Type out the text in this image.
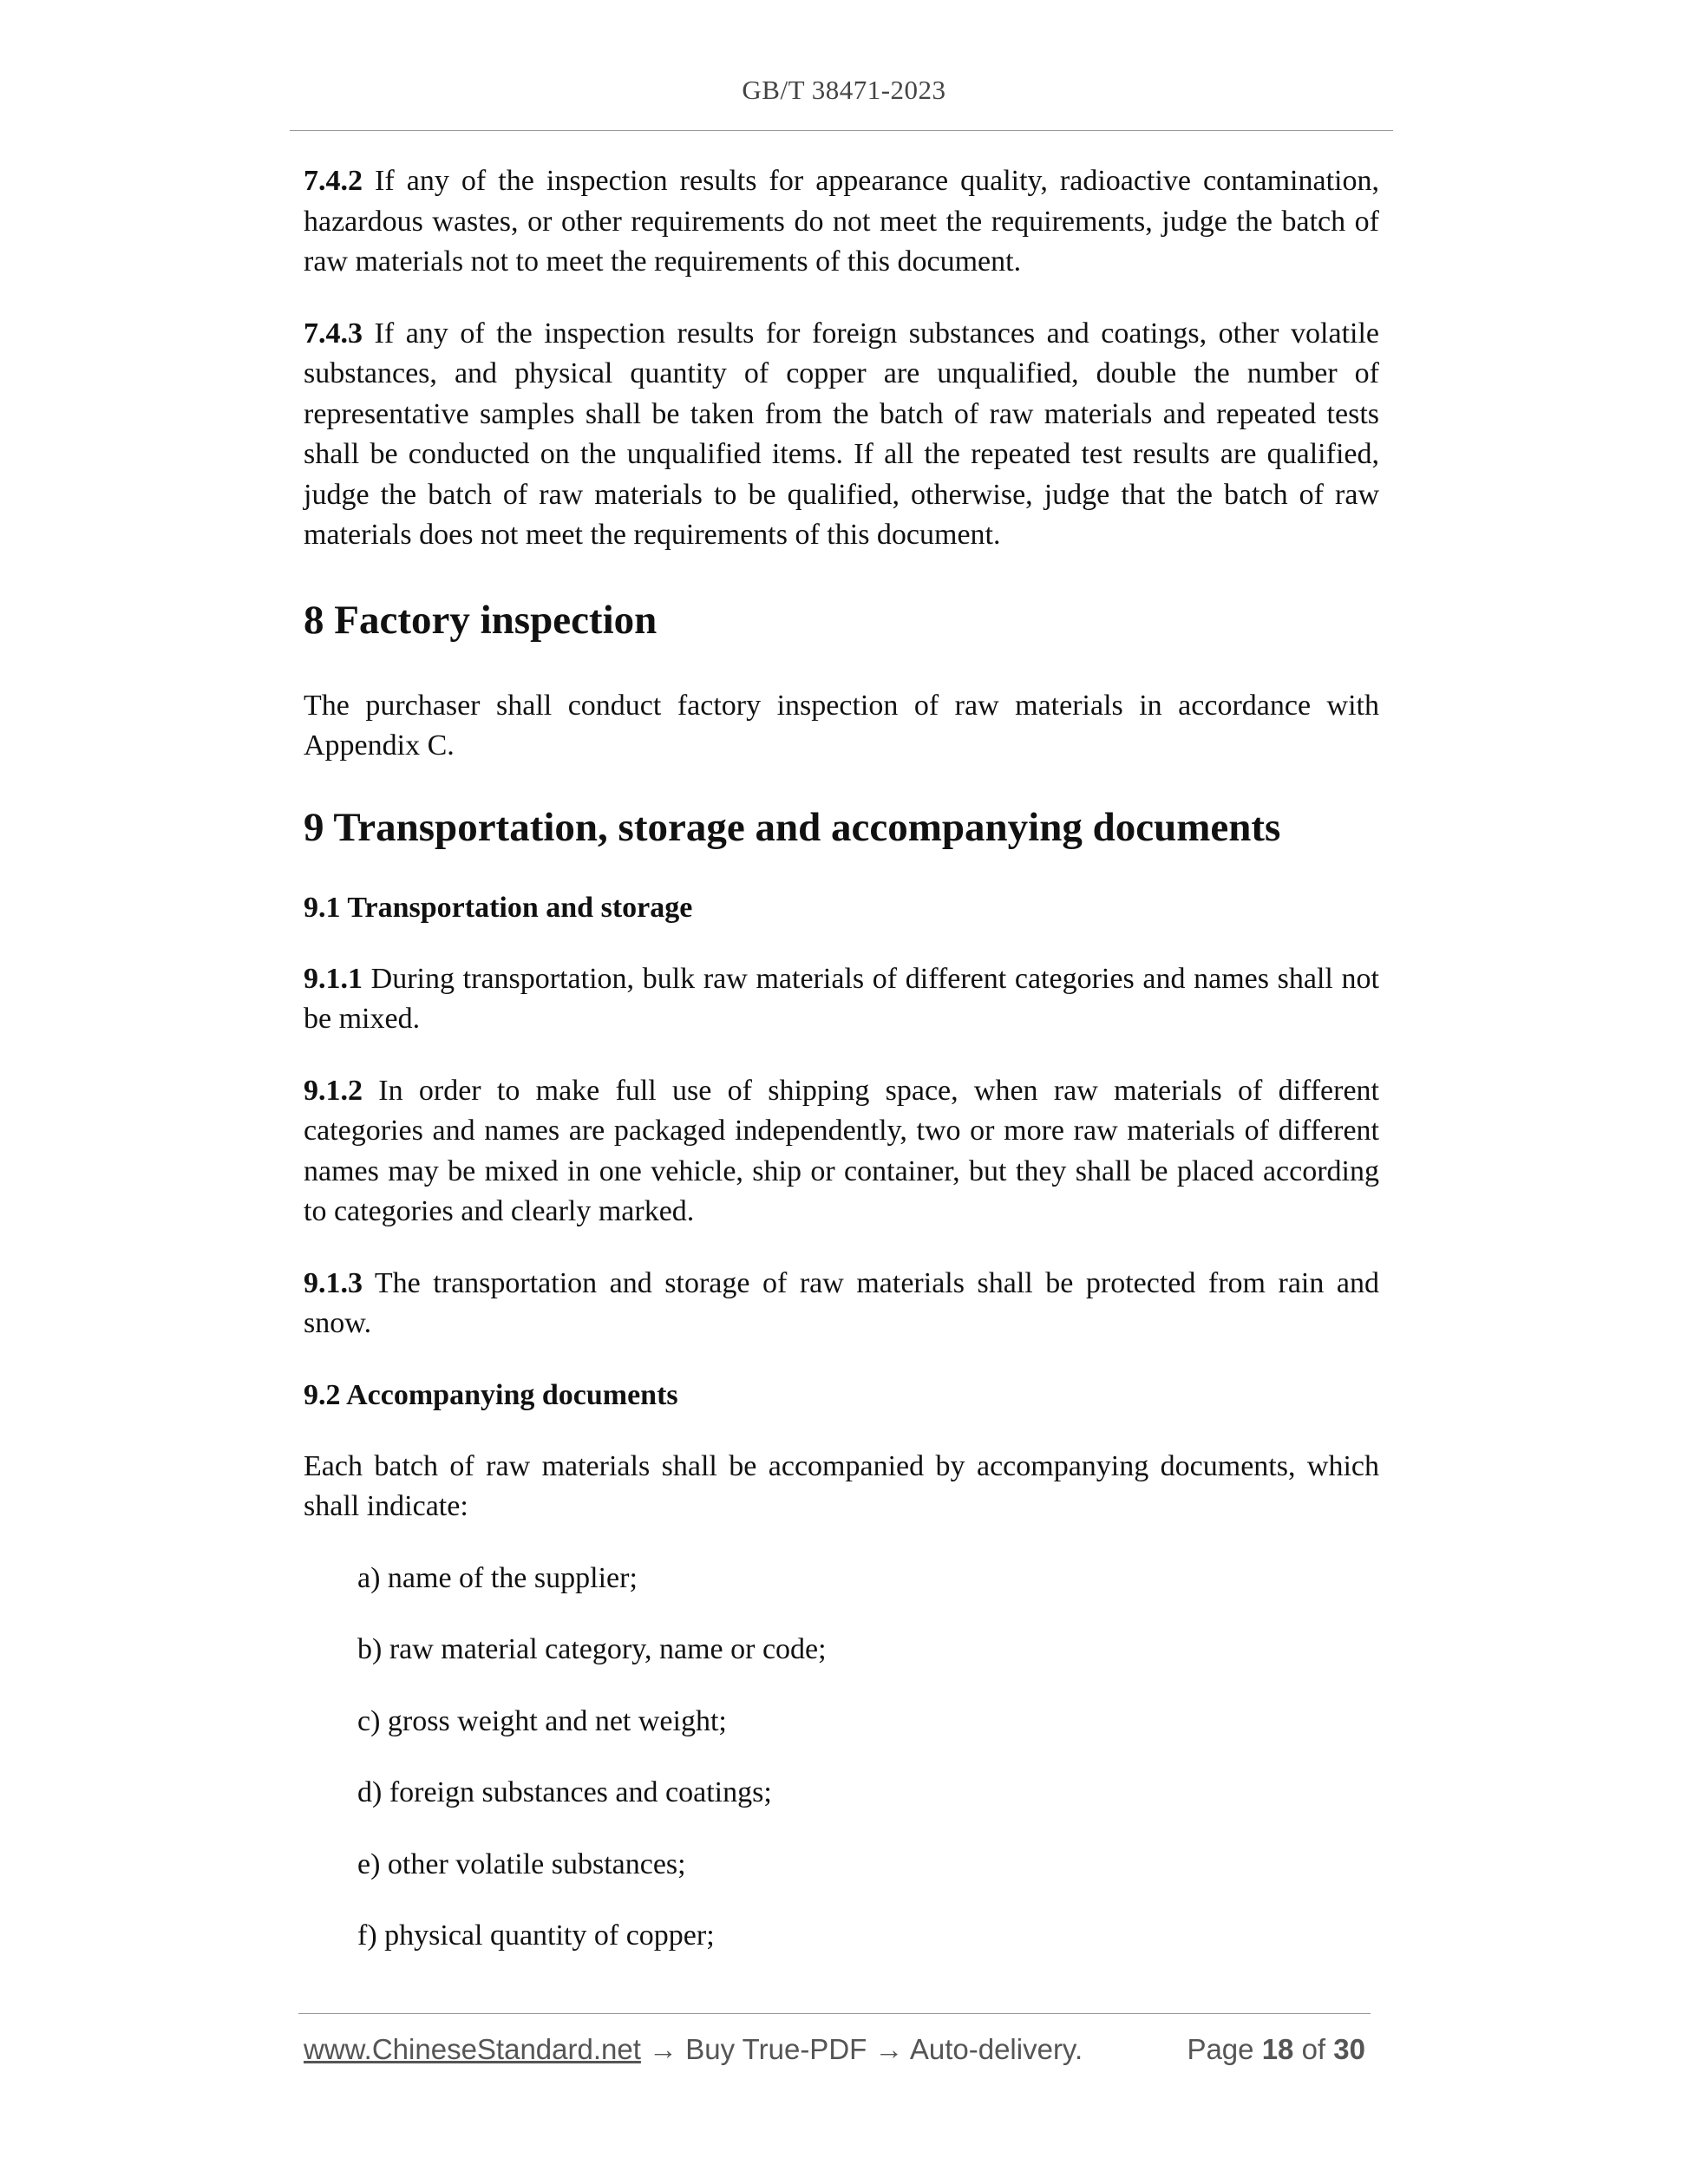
GB/T 38471-2023

7.4.2 If any of the inspection results for appearance quality, radioactive contamination, hazardous wastes, or other requirements do not meet the requirements, judge the batch of raw materials not to meet the requirements of this document.

7.4.3 If any of the inspection results for foreign substances and coatings, other volatile substances, and physical quantity of copper are unqualified, double the number of representative samples shall be taken from the batch of raw materials and repeated tests shall be conducted on the unqualified items. If all the repeated test results are qualified, judge the batch of raw materials to be qualified, otherwise, judge that the batch of raw materials does not meet the requirements of this document.

8 Factory inspection

The purchaser shall conduct factory inspection of raw materials in accordance with Appendix C.

9 Transportation, storage and accompanying documents
9.1 Transportation and storage

9.1.1 During transportation, bulk raw materials of different categories and names shall not be mixed.

9.1.2 In order to make full use of shipping space, when raw materials of different categories and names are packaged independently, two or more raw materials of different names may be mixed in one vehicle, ship or container, but they shall be placed according to categories and clearly marked.

9.1.3 The transportation and storage of raw materials shall be protected from rain and snow.

9.2 Accompanying documents

Each batch of raw materials shall be accompanied by accompanying documents, which shall indicate:

a) name of the supplier;
b) raw material category, name or code;
c) gross weight and net weight;
d) foreign substances and coatings;
e) other volatile substances;
f) physical quantity of copper;
www.ChineseStandard.net → Buy True-PDF → Auto-delivery.	Page 18 of 30
